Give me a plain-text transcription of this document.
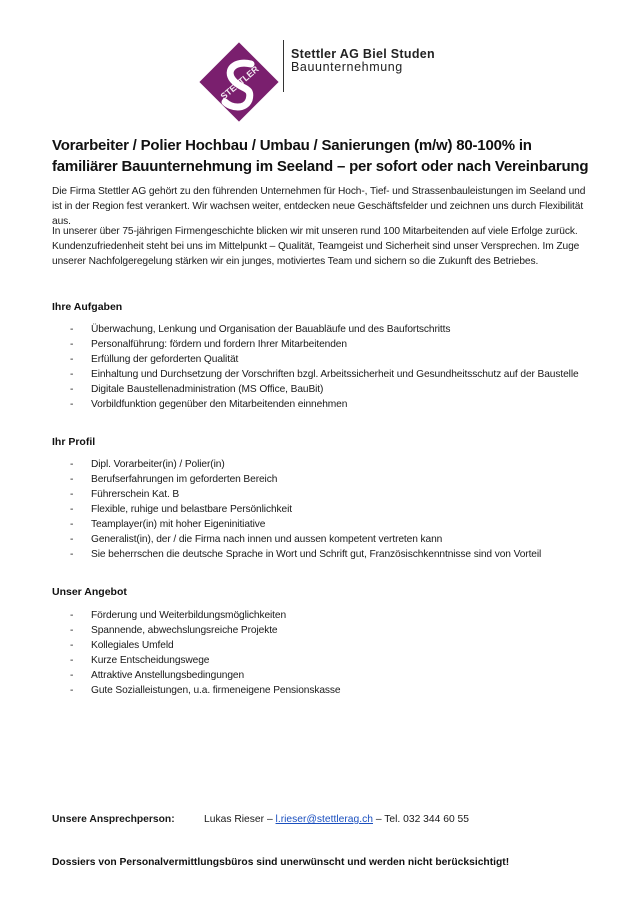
STETTLER
Stettler AG Biel Studen
Bauunternehmung
Vorarbeiter / Polier Hochbau / Umbau / Sanierungen (m/w) 80-100% in familiärer Bauunternehmung im Seeland – per sofort oder nach Vereinbarung
Die Firma Stettler AG gehört zu den führenden Unternehmen für Hoch-, Tief- und Strassenbauleistungen im Seeland und ist in der Region fest verankert. Wir wachsen weiter, entdecken neue Geschäftsfelder und zeichnen uns durch Flexibilität aus.
In unserer über 75-jährigen Firmengeschichte blicken wir mit unseren rund 100 Mitarbeitenden auf viele Erfolge zurück. Kundenzufriedenheit steht bei uns im Mittelpunkt – Qualität, Teamgeist und Sicherheit sind unser Versprechen. Im Zuge unserer Nachfolgeregelung stärken wir ein junges, motiviertes Team und sichern so die Zukunft des Betriebes.
Ihre Aufgaben
- Überwachung, Lenkung und Organisation der Bauabläufe und des Baufortschritts
- Personalführung: fördern und fordern Ihrer Mitarbeitenden
- Erfüllung der geforderten Qualität
- Einhaltung und Durchsetzung der Vorschriften bzgl. Arbeitssicherheit und Gesundheitsschutz auf der Baustelle
- Digitale Baustellenadministration (MS Office, BauBit)
- Vorbildfunktion gegenüber den Mitarbeitenden einnehmen
Ihr Profil
- Dipl. Vorarbeiter(in) / Polier(in)
- Berufserfahrungen im geforderten Bereich
- Führerschein Kat. B
- Flexible, ruhige und belastbare Persönlichkeit
- Teamplayer(in) mit hoher Eigeninitiative
- Generalist(in), der / die Firma nach innen und aussen kompetent vertreten kann
- Sie beherrschen die deutsche Sprache in Wort und Schrift gut, Französischkenntnisse sind von Vorteil
Unser Angebot
- Förderung und Weiterbildungsmöglichkeiten
- Spannende, abwechslungsreiche Projekte
- Kollegiales Umfeld
- Kurze Entscheidungswege
- Attraktive Anstellungsbedingungen
- Gute Sozialleistungen, u.a. firmeneigene Pensionskasse
Unsere Ansprechperson:	Lukas Rieser – l.rieser@stettlerag.ch – Tel. 032 344 60 55
Dossiers von Personalvermittlungsbüros sind unerwünscht und werden nicht berücksichtigt!
